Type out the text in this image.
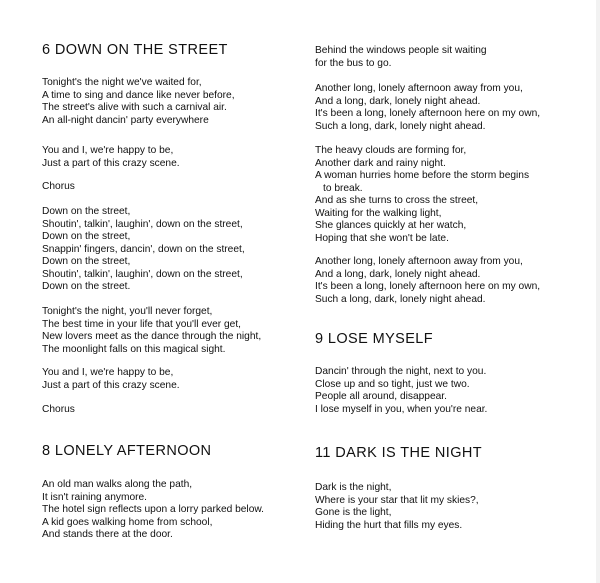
6 DOWN ON THE STREET
Tonight's the night we've waited for,
A time to sing and dance like never before,
The street's alive with such a carnival air.
An all-night dancin' party everywhere
You and I, we're happy to be,
Just a part of this crazy scene.

Chorus

Down on the street,
Shoutin', talkin', laughin', down on the street,
Down on the street,
Snappin' fingers, dancin', down on the street,
Down on the street,
Shoutin', talkin', laughin', down on the street,
Down on the street.
Tonight's the night, you'll never forget,
The best time in your life that you'll ever get,
New lovers meet as the dance through the night,
The moonlight falls on this magical sight.
You and I, we're happy to be,
Just a part of this crazy scene.

Chorus

8 LONELY AFTERNOON
An old man walks along the path,
It isn't raining anymore.
The hotel sign reflects upon a lorry parked below.
A kid goes walking home from school,
And stands there at the door.
Behind the windows people sit waiting
for the bus to go.
Another long, lonely afternoon away from you,
And a long, dark, lonely night ahead.
It's been a long, lonely afternoon here on my own,
Such a long, dark, lonely night ahead.
The heavy clouds are forming for,
Another dark and rainy night.
A woman hurries home before the storm begins
to break.
And as she turns to cross the street,
Waiting for the walking light,
She glances quickly at her watch,
Hoping that she won't be late.
Another long, lonely afternoon away from you,
And a long, dark, lonely night ahead.
It's been a long, lonely afternoon here on my own,
Such a long, dark, lonely night ahead.
9 LOSE MYSELF
Dancin' through the night, next to you.
Close up and so tight, just we two.
People all around, disappear.
I lose myself in you, when you're near.
11 DARK IS THE NIGHT
Dark is the night,
Where is your star that lit my skies?,
Gone is the light,
Hiding the hurt that fills my eyes.
